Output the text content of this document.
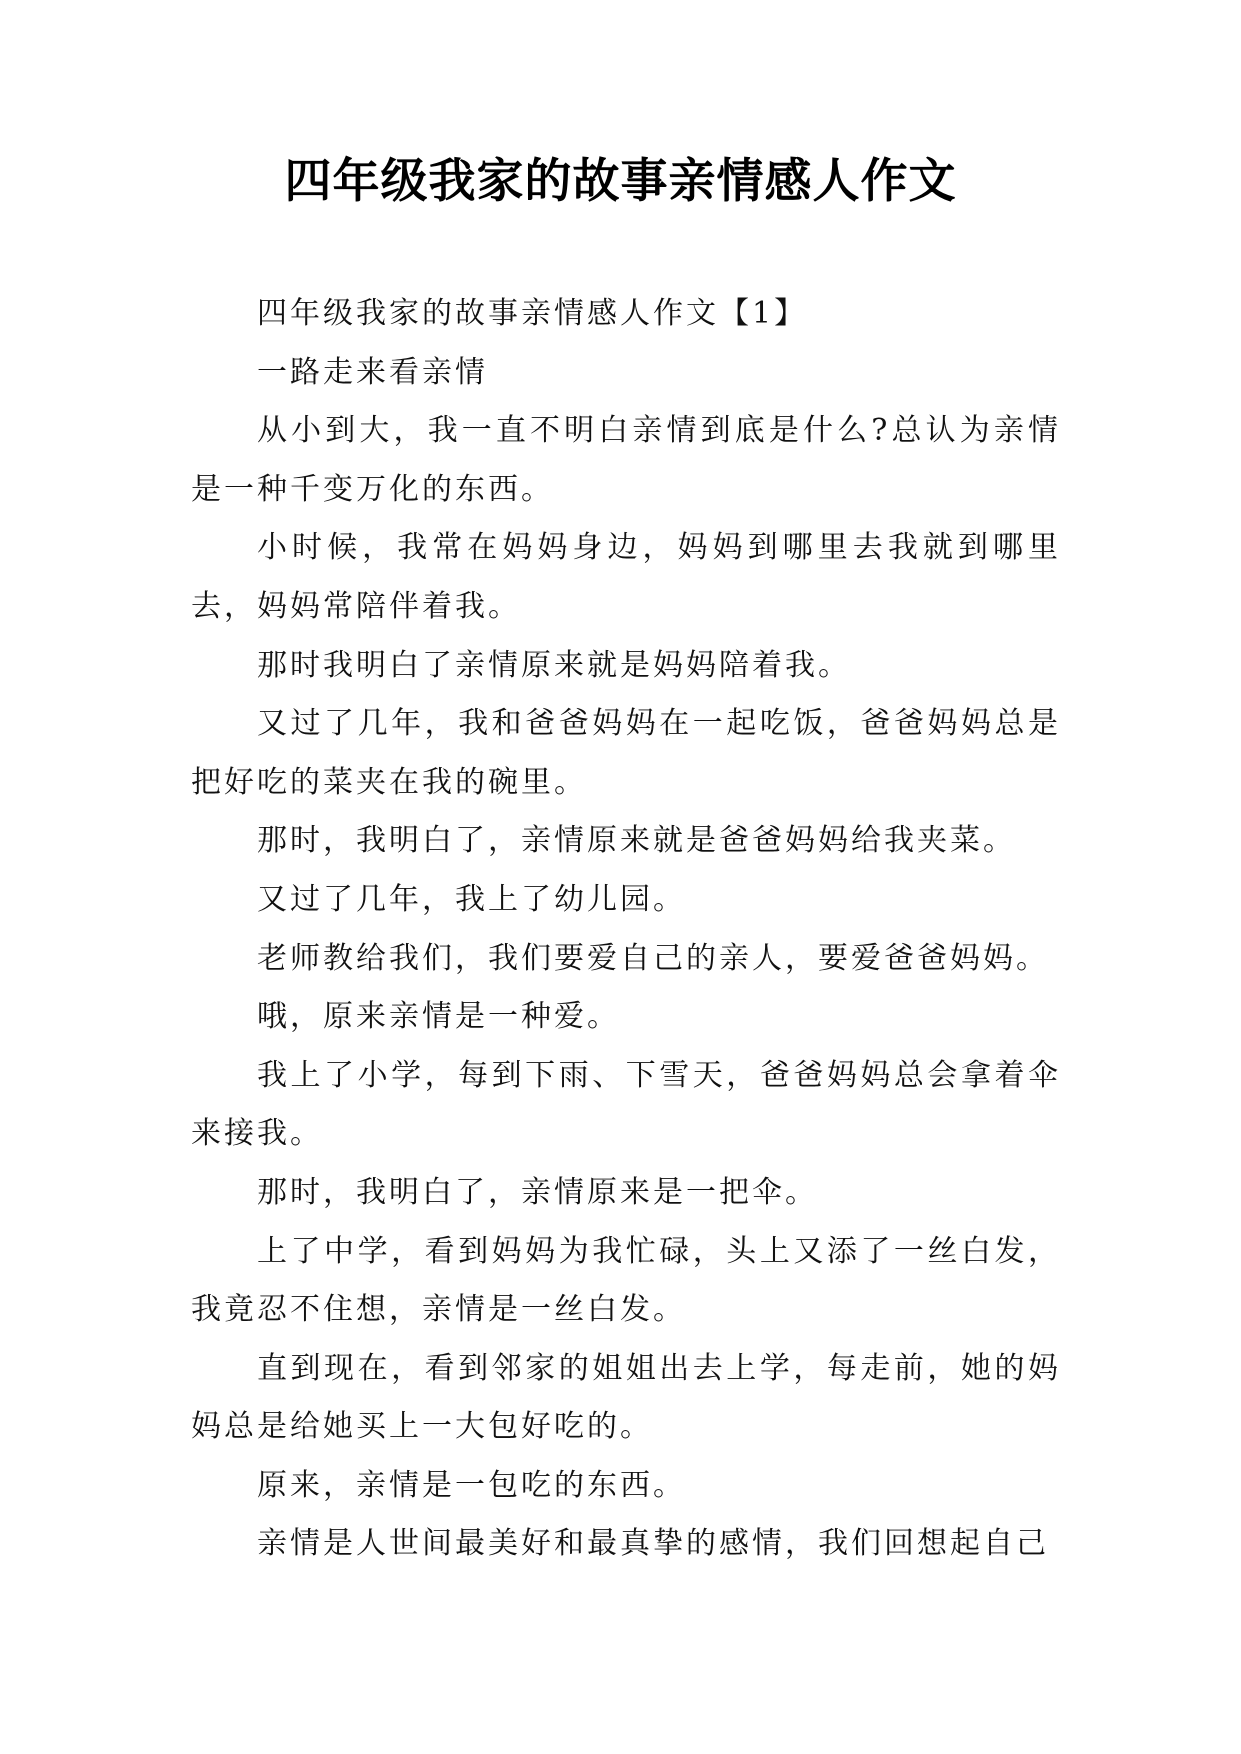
四年级我家的故事亲情感人作文

四年级我家的故事亲情感人作文【1】

一路走来看亲情

从小到大，我一直不明白亲情到底是什么?总认为亲情是一种千变万化的东西。

小时候，我常在妈妈身边，妈妈到哪里去我就到哪里去，妈妈常陪伴着我。

那时我明白了亲情原来就是妈妈陪着我。

又过了几年，我和爸爸妈妈在一起吃饭，爸爸妈妈总是把好吃的菜夹在我的碗里。

那时，我明白了，亲情原来就是爸爸妈妈给我夹菜。

又过了几年，我上了幼儿园。

老师教给我们，我们要爱自己的亲人，要爱爸爸妈妈。

哦，原来亲情是一种爱。

我上了小学，每到下雨、下雪天，爸爸妈妈总会拿着伞来接我。

那时，我明白了，亲情原来是一把伞。

上了中学，看到妈妈为我忙碌，头上又添了一丝白发，我竟忍不住想，亲情是一丝白发。

直到现在，看到邻家的姐姐出去上学，每走前，她的妈妈总是给她买上一大包好吃的。

原来，亲情是一包吃的东西。

亲情是人世间最美好和最真挚的感情，我们回想起自己
